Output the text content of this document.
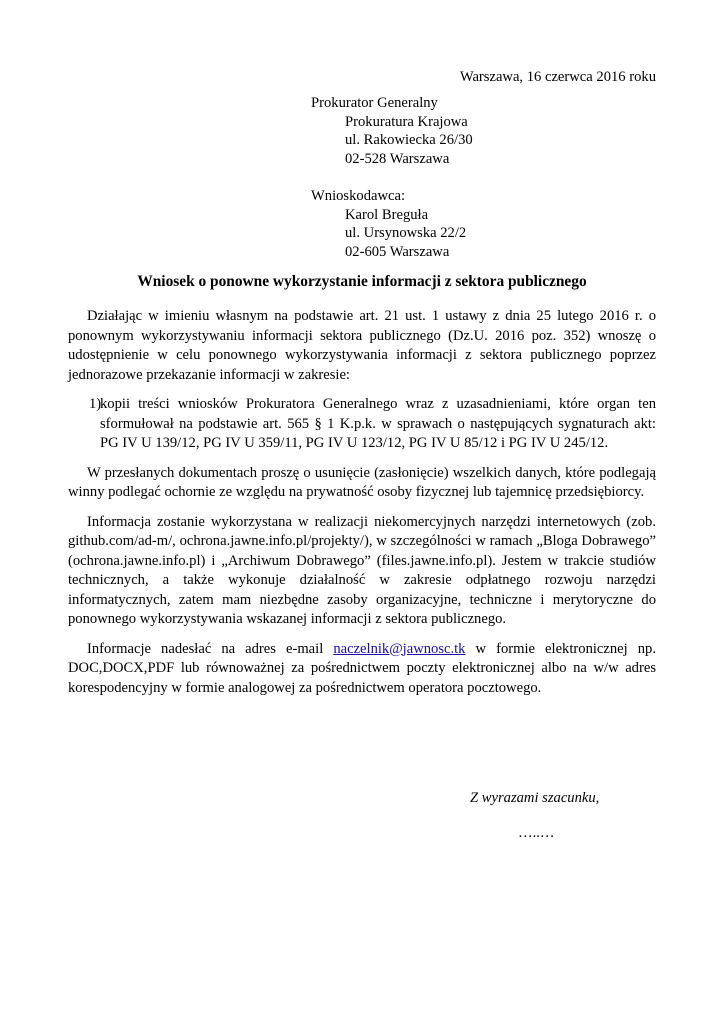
Warszawa, 16 czerwca 2016 roku
Prokurator Generalny
Prokuratura Krajowa
ul. Rakowiecka 26/30
02-528 Warszawa
Wnioskodawca:
Karol Breguła
ul. Ursynowska 22/2
02-605 Warszawa
Wniosek o ponowne wykorzystanie informacji z sektora publicznego

Działając w imieniu własnym na podstawie art. 21 ust. 1 ustawy z dnia 25 lutego 2016 r. o ponownym wykorzystywaniu informacji sektora publicznego (Dz.U. 2016 poz. 352) wnoszę o udostępnienie w celu ponownego wykorzystywania informacji z sektora publicznego poprzez jednorazowe przekazanie informacji w zakresie:

1)
kopii treści wniosków Prokuratora Generalnego wraz z uzasadnieniami, które organ ten sformułował na podstawie art. 565 § 1 K.p.k. w sprawach o następujących sygnaturach akt: PG IV U 139/12, PG IV U 359/11, PG IV U 123/12, PG IV U 85/12 i PG IV U 245/12.

W przesłanych dokumentach proszę o usunięcie (zasłonięcie) wszelkich danych, które podlegają winny podlegać ochornie ze względu na prywatność osoby fizycznej lub tajemnicę przedsiębiorcy.

Informacja zostanie wykorzystana w realizacji niekomercyjnych narzędzi internetowych (zob. github.com/ad-m/, ochrona.jawne.info.pl/projekty/), w szczególności w ramach „Bloga Dobrawego” (ochrona.jawne.info.pl) i „Archiwum Dobrawego” (files.jawne.info.pl). Jestem w trakcie studiów technicznych, a także wykonuje działalność w zakresie odpłatnego rozwoju narzędzi informatycznych, zatem mam niezbędne zasoby organizacyjne, techniczne i merytoryczne do ponownego wykorzystywania wskazanej informacji z sektora publicznego.

Informacje nadesłać na adres e-mail naczelnik@jawnosc.tk w formie elektronicznej np. DOC,DOCX,PDF lub równoważnej za pośrednictwem poczty elektronicznej albo na w/w adres korespodencyjny w formie analogowej za pośrednictwem operatora pocztowego.

Z wyrazami szacunku,
…..…
